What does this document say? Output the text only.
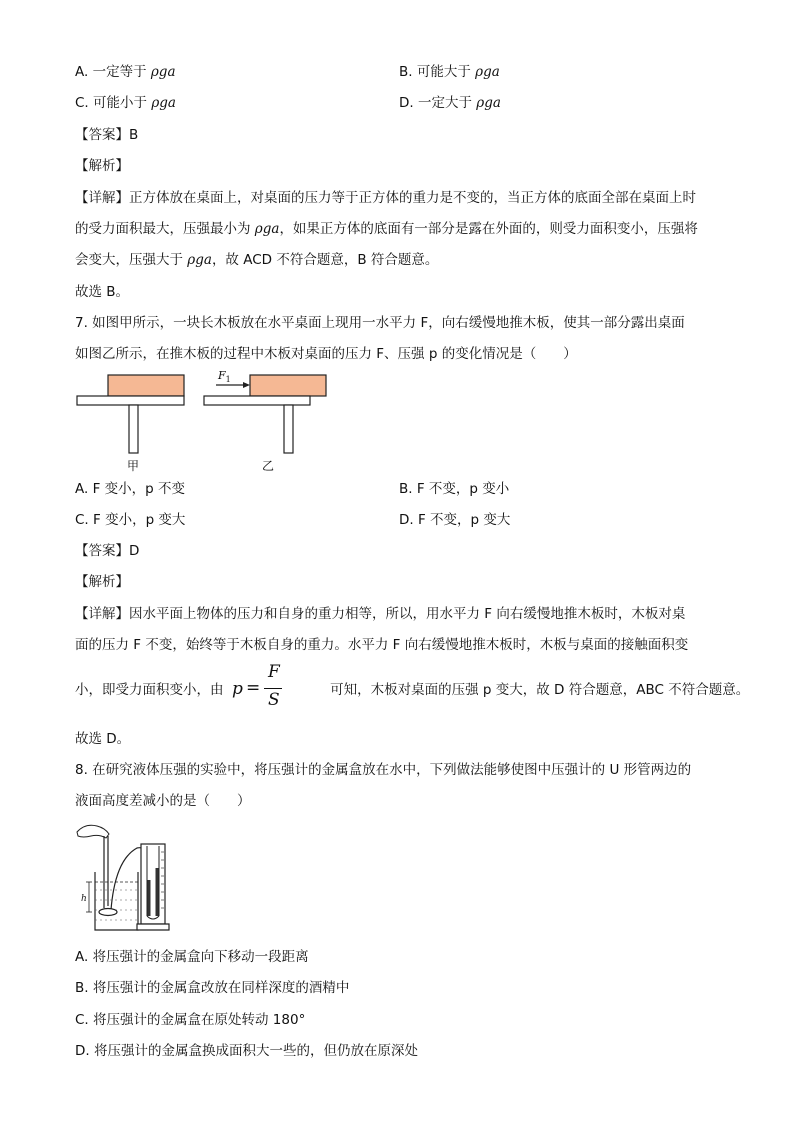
A. 一定等于 ρga	B. 可能大于 ρga
C. 可能小于 ρga	D. 一定大于 ρga
【答案】B
【解析】
【详解】正方体放在桌面上，对桌面的压力等于正方体的重力是不变的，当正方体的底面全部在桌面上时
的受力面积最大，压强最小为 ρga，如果正方体的底面有一部分是露在外面的，则受力面积变小，压强将
会变大，压强大于 ρga，故 ACD 不符合题意，B 符合题意。
故选 B。
7. 如图甲所示，一块长木板放在水平桌面上现用一水平力 F，向右缓慢地推木板，使其一部分露出桌面
如图乙所示，在推木板的过程中木板对桌面的压力 F、压强 p 的变化情况是（　　）
甲
$F_1$
乙
A. F 变小，p 不变	B. F 不变，p 变小
C. F 变小，p 变大	D. F 不变，p 变大
【答案】D
【解析】
【详解】因水平面上物体的压力和自身的重力相等，所以，用水平力 F 向右缓慢地推木板时，木板对桌
面的压力 F 不变，始终等于木板自身的重力。水平力 F 向右缓慢地推木板时，木板与桌面的接触面积变
小，即受力面积变小，由	可知，木板对桌面的压强 p 变大，故 D 符合题意，ABC 不符合题意。
p =
F
S
故选 D。
8. 在研究液体压强的实验中，将压强计的金属盒放在水中，下列做法能够使图中压强计的 U 形管两边的
液面高度差减小的是（　　）
h
A. 将压强计的金属盒向下移动一段距离
B. 将压强计的金属盒改放在同样深度的酒精中
C. 将压强计的金属盒在原处转动 180°
D. 将压强计的金属盒换成面积大一些的，但仍放在原深处
